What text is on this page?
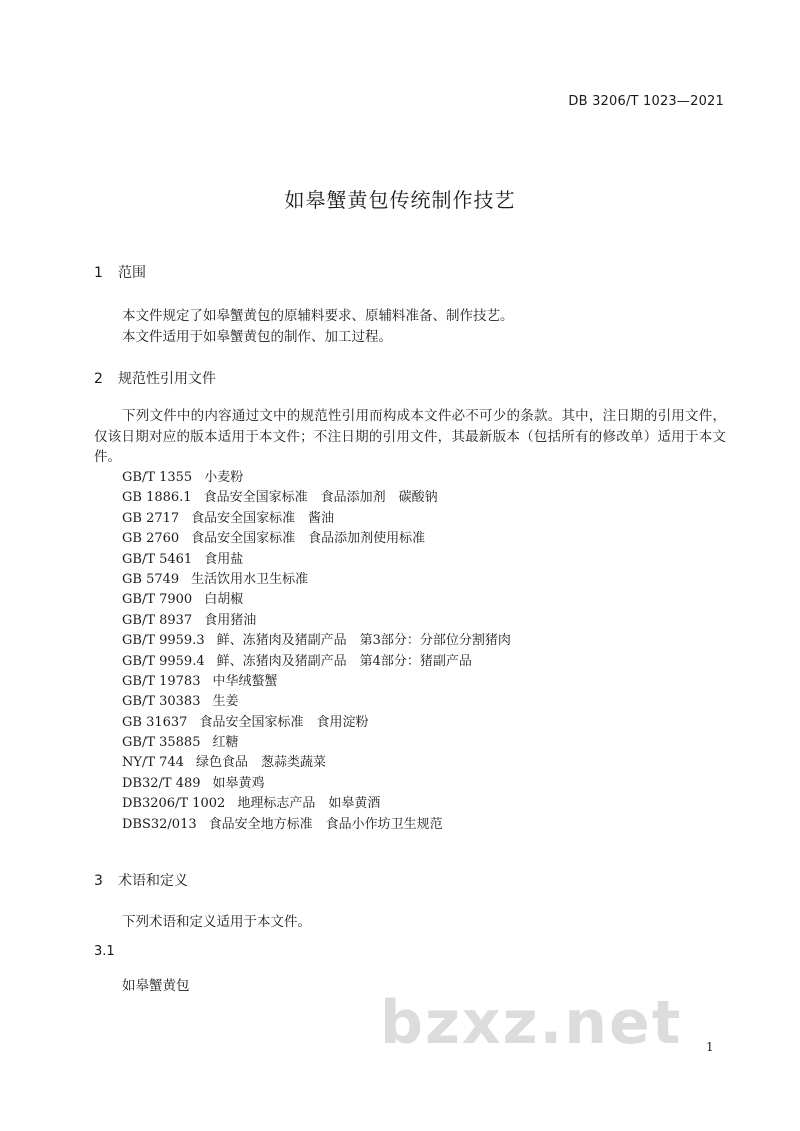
DB 3206/T 1023—2021
如皋蟹黄包传统制作技艺
1 范围
本文件规定了如皋蟹黄包的原辅料要求、原辅料准备、制作技艺。
本文件适用于如皋蟹黄包的制作、加工过程。
2 规范性引用文件
下列文件中的内容通过文中的规范性引用而构成本文件必不可少的条款。其中，注日期的引用文件，仅该日期对应的版本适用于本文件；不注日期的引用文件，其最新版本（包括所有的修改单）适用于本文件。
GB/T 1355 小麦粉
GB 1886.1 食品安全国家标准　食品添加剂　碳酸钠
GB 2717 食品安全国家标准　酱油
GB 2760 食品安全国家标准　食品添加剂使用标准
GB/T 5461 食用盐
GB 5749 生活饮用水卫生标准
GB/T 7900 白胡椒
GB/T 8937 食用猪油
GB/T 9959.3 鲜、冻猪肉及猪副产品　第3部分：分部位分割猪肉
GB/T 9959.4 鲜、冻猪肉及猪副产品　第4部分：猪副产品
GB/T 19783 中华绒螯蟹
GB/T 30383 生姜
GB 31637 食品安全国家标准　食用淀粉
GB/T 35885 红糖
NY/T 744 绿色食品　葱蒜类蔬菜
DB32/T 489 如皋黄鸡
DB3206/T 1002 地理标志产品　如皋黄酒
DBS32/013 食品安全地方标准　食品小作坊卫生规范
3 术语和定义
下列术语和定义适用于本文件。
3.1
如皋蟹黄包
bzxz.net 1
